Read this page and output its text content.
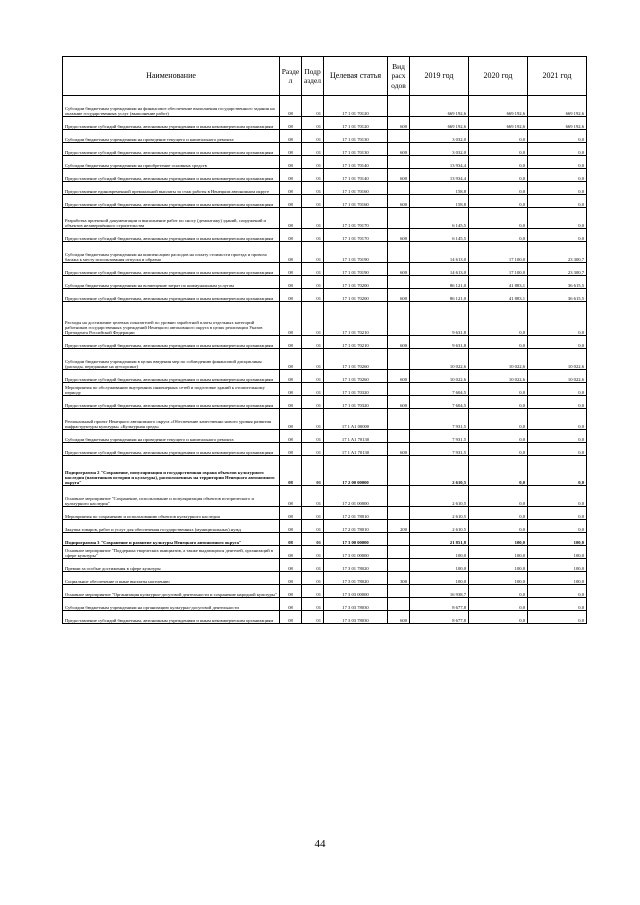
Наименование	Разде л	Подр аздел	Целевая статья	Вид расх одов	2019 год	2020 год	2021 год
Субсидии бюджетным учреждениям на финансовое обеспечение выполнения государственного задания на оказание государственных услуг (выполнение работ)	08	01	17 1 01 70120		669 192,6	669 192,6	669 192,6
Предоставление субсидий бюджетным, автономным учреждениям и иным некоммерческим организациям	08	01	17 1 01 70120	600	669 192,6	669 192,6	669 192,6
Субсидии бюджетным учреждениям на проведение текущего и капитального ремонта	08	01	17 1 01 70130		3 032,0	0,0	0,0
Предоставление субсидий бюджетным, автономным учреждениям и иным некоммерческим организациям	08	01	17 1 01 70130	600	3 032,0	0,0	0,0
Субсидии бюджетным учреждениям на приобретение основных средств	08	01	17 1 01 70140		13 934,4	0,0	0,0
Предоставление субсидий бюджетным, автономным учреждениям и иным некоммерческим организациям	08	01	17 1 01 70140	600	13 934,4	0,0	0,0
Предоставление единовременной премиальной выплаты за стаж работы в Ненецком автономном округе	08	01	17 1 01 70160		158,8	0,0	0,0
Предоставление субсидий бюджетным, автономным учреждениям и иным некоммерческим организациям	08	01	17 1 01 70160	600	158,8	0,0	0,0
Разработка проектной документации и выполнение работ по сносу (демонтажу) зданий, сооружений и объектов незавершённого строительства	08	01	17 1 01 70170		6 145,5	0,0	0,0
Предоставление субсидий бюджетным, автономным учреждениям и иным некоммерческим организациям	08	01	17 1 01 70170	600	6 145,5	0,0	0,0
Субсидии бюджетным учреждениям на компенсацию расходов на оплату стоимости проезда и провоза багажа к месту использования отпуска и обратно	08	01	17 1 01 70190		14 613,0	17 100,0	23 300,7
Предоставление субсидий бюджетным, автономным учреждениям и иным некоммерческим организациям	08	01	17 1 01 70190	600	14 613,0	17 100,0	23 300,7
Субсидии бюджетным учреждениям на возмещение затрат по коммунальным услугам	08	01	17 1 01 70200		86 121,0	41 883,1	36 615,5
Предоставление субсидий бюджетным, автономным учреждениям и иным некоммерческим организациям	08	01	17 1 01 70200	600	86 121,0	41 883,1	36 615,5
Расходы на достижение целевых показателей по уровню заработной платы отдельных категорий работников государственных учреждений Ненецкого автономного округа в целях реализации Указов Президента Российской Федерации	08	01	17 1 01 70210		9 631,8	0,0	0,0
Предоставление субсидий бюджетным, автономным учреждениям и иным некоммерческим организациям	08	01	17 1 01 70210	600	9 631,8	0,0	0,0
Субсидии бюджетным учреждениям в целях введения мер по соблюдению финансовой дисциплины (расходы, переданные на аутсорсинг)	08	01	17 1 01 70260		10 022,6	10 022,6	10 022,6
Предоставление субсидий бюджетным, автономным учреждениям и иным некоммерческим организациям	08	01	17 1 01 70260	600	10 022,6	10 022,6	10 022,6
Мероприятия по обслуживанию внутренних инженерных сетей и подготовке зданий к отопительному периоду	08	01	17 1 01 70320		7 604,5	0,0	0,0
Предоставление субсидий бюджетным, автономным учреждениям и иным некоммерческим организациям	08	01	17 1 01 70320	600	7 604,5	0,0	0,0
Региональный проект Ненецкого автономного округа «Обеспечение качественно нового уровня развития инфраструктуры культуры» «Культурная среда»	08	01	17 1 A1 00000		7 931,5	0,0	0,0
Субсидии бюджетным учреждениям на проведение текущего и капитального ремонта	08	01	17 1 A1 70130		7 931,5	0,0	0,0
Предоставление субсидий бюджетным, автономным учреждениям и иным некоммерческим организациям	08	01	17 1 A1 70130	600	7 931,5	0,0	0,0
Подпрограмма 2 "Сохранение, популяризация и государственная охрана объектов культурного наследия (памятников истории и культуры), расположенных на территории Ненецкого автономного округа"	08	01	17 2 00 00000		2 610,5	0,0	0,0
Основное мероприятие "Сохранение, использование и популяризация объектов исторического и культурного наследия"	08	01	17 2 01 00000		2 610,5	0,0	0,0
Мероприятия по сохранению и использованию объектов культурного наследия	08	01	17 2 01 78010		2 610,5	0,0	0,0
Закупка товаров, работ и услуг для обеспечения государственных (муниципальных) нужд	08	01	17 2 01 78010	200	2 610,5	0,0	0,0
Подпрограмма 3 "Сохранение и развитие культуры Ненецкого автономного округа"	08	01	17 3 00 00000		21 851,8	100,0	100,0
Основное мероприятие "Поддержка творческих инициатив, а также выдающихся деятелей, организаций в сфере культуры"	08	01	17 3 01 00000		100,0	100,0	100,0
Премии за особые достижения в сфере культуры	08	01	17 3 01 78020		100,0	100,0	100,0
Социальное обеспечение и иные выплаты населению	08	01	17 3 01 78020	300	100,0	100,0	100,0
Основное мероприятие "Организация культурно-досуговой деятельности и сохранение народной культуры"	08	01	17 3 03 00000		16 938,7	0,0	0,0
Субсидии бюджетным учреждениям на организацию культурно-досуговой деятельности	08	01	17 3 03 78030		8 677,8	0,0	0,0
Предоставление субсидий бюджетным, автономным учреждениям и иным некоммерческим организациям	08	01	17 3 03 78030	600	8 677,8	0,0	0,0
44
